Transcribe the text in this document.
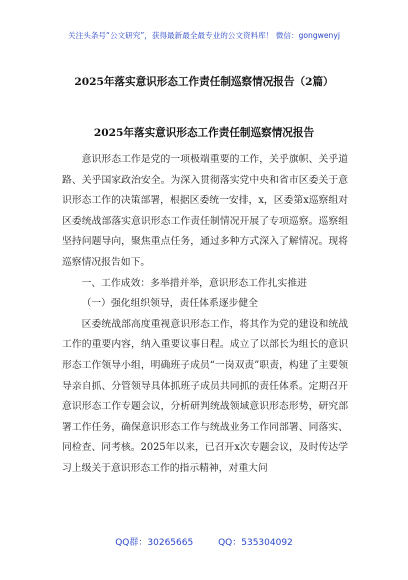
关注头条号“公文研究”，获得最新最全最专业的公文资料库！ 微信：gongwenyj
2025年落实意识形态工作责任制巡察情况报告（2篇）
2025年落实意识形态工作责任制巡察情况报告

意识形态工作是党的一项极端重要的工作，关乎旗帜、关乎道路、关乎国家政治安全。为深入贯彻落实党中央和省市区委关于意识形态工作的决策部署，根据区委统一安排，x，区委第x巡察组对区委统战部落实意识形态工作责任制情况开展了专项巡察。巡察组坚持问题导向，聚焦重点任务，通过多种方式深入了解情况。现将巡察情况报告如下。

一、工作成效：多举措并举，意识形态工作扎实推进

（一）强化组织领导，责任体系逐步健全

区委统战部高度重视意识形态工作，将其作为党的建设和统战工作的重要内容，纳入重要议事日程。成立了以部长为组长的意识形态工作领导小组，明确班子成员“一岗双责”职责，构建了主要领导亲自抓、分管领导具体抓班子成员共同抓的责任体系。定期召开意识形态工作专题会议，分析研判统战领域意识形态形势，研究部署工作任务，确保意识形态工作与统战业务工作同部署、同落实、同检查、同考核。2025年以来，已召开x次专题会议，及时传达学习上级关于意识形态工作的指示精神，对重大问

QQ群：30265665	QQ：535304092
